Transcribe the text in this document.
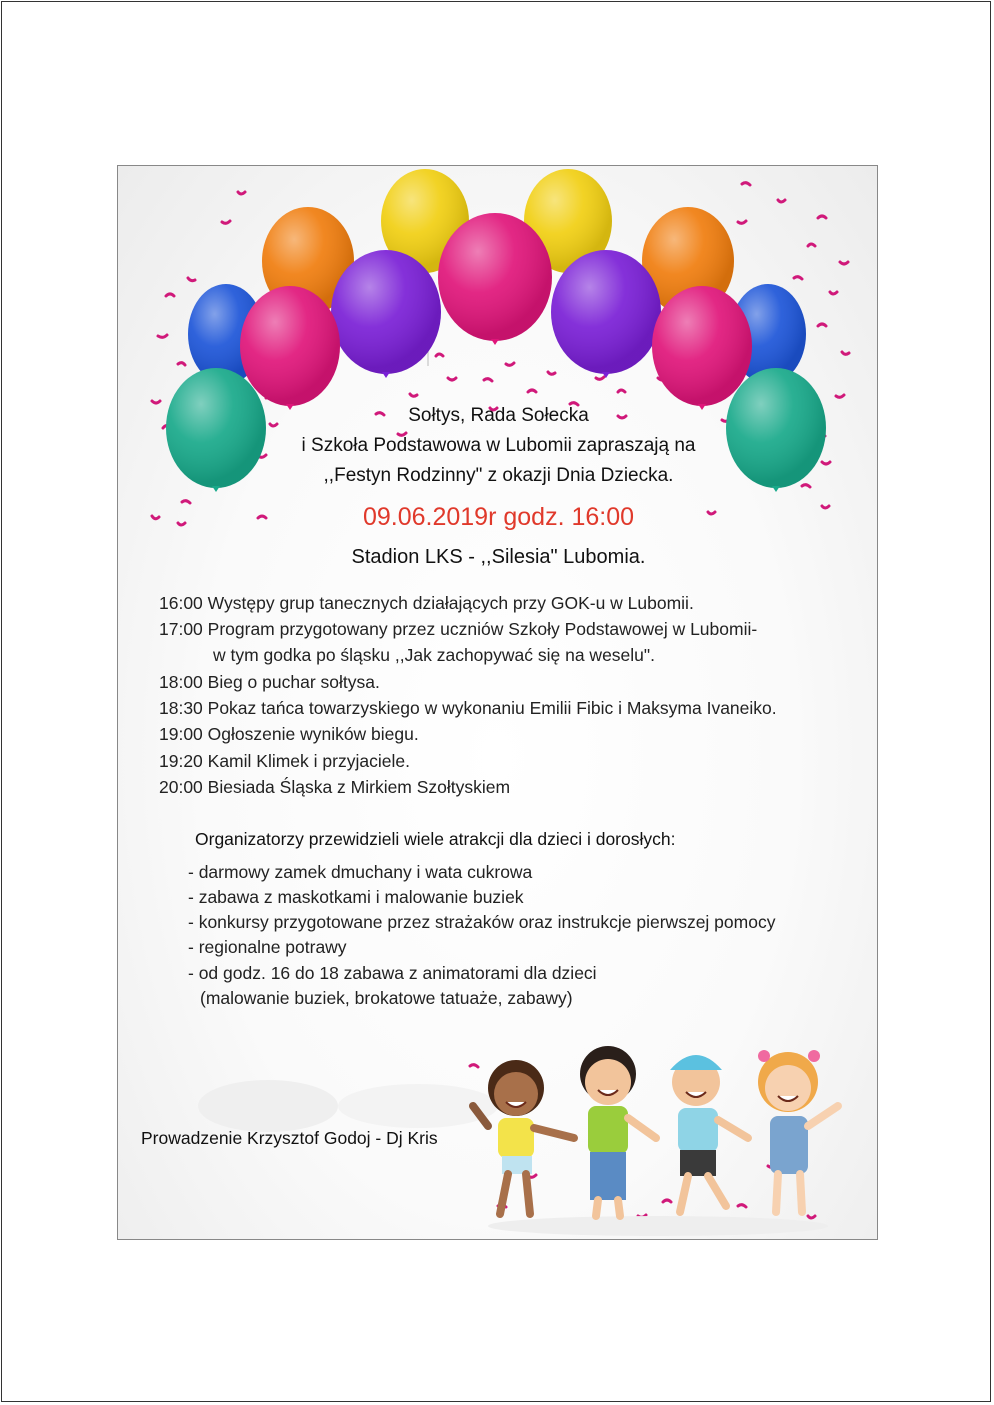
Sołtys, Rada Sołecka
i Szkoła Podstawowa w Lubomii zapraszają na
,,Festyn Rodzinny" z okazji Dnia Dziecka.
09.06.2019r godz. 16:00
Stadion LKS - ,,Silesia" Lubomia.
16:00 Występy grup tanecznych działających przy GOK-u w Lubomii.
17:00 Program przygotowany przez uczniów Szkoły Podstawowej w Lubomii-
w tym godka po śląsku ,,Jak zachopywać się na weselu".
18:00 Bieg o puchar sołtysa.
18:30 Pokaz tańca towarzyskiego w wykonaniu Emilii Fibic i Maksyma Ivaneiko.
19:00 Ogłoszenie wyników biegu.
19:20 Kamil Klimek i przyjaciele.
20:00 Biesiada Śląska z Mirkiem Szołtyskiem
Organizatorzy przewidzieli wiele atrakcji dla dzieci i dorosłych:
- darmowy zamek dmuchany i wata cukrowa
- zabawa z maskotkami i malowanie buziek
- konkursy przygotowane przez strażaków oraz instrukcje pierwszej pomocy
- regionalne potrawy
- od godz. 16 do 18 zabawa z animatorami dla dzieci
(malowanie buziek, brokatowe tatuaże, zabawy)
Prowadzenie Krzysztof Godoj - Dj Kris
